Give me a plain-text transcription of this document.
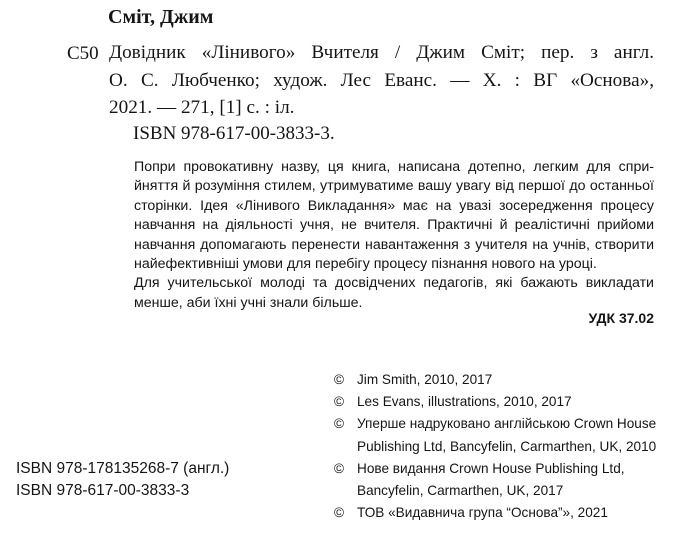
Сміт, Джим
С50 Довідник «Лінивого» Вчителя / Джим Сміт; пер. з англ.
О. С. Любченко; худож. Лес Еванс. — Х. : ВГ «Основа»,
2021. — 271, [1] с. : іл.
ISBN 978-617-00-3833-3.

Попри провокативну назву, ця книга, написана дотепно, легким для спри-
йняття й розуміння стилем, утримуватиме вашу увагу від першої до останньої
сторінки. Ідея «Лінивого Викладання» має на увазі зосередження процесу
навчання на діяльності учня, не вчителя. Практичні й реалістичні прийоми
навчання допомагають перенести навантаження з учителя на учнів, створити
найефективніші умови для перебігу процесу пізнання нового на уроці.

Для учительської молоді та досвідчених педагогів, які бажають викладати
менше, аби їхні учні знали більше.

УДК 37.02
© Jim Smith, 2010, 2017
© Les Evans, illustrations, 2010, 2017
© Уперше надруковано англійською Crown House
Publishing Ltd, Bancyfelin, Carmarthen, UK, 2010
© Нове видання Crown House Publishing Ltd,
Bancyfelin, Carmarthen, UK, 2017
© ТОВ «Видавнича група “Основа”», 2021
ISBN 978-178135268-7 (англ.)
ISBN 978-617-00-3833-3
